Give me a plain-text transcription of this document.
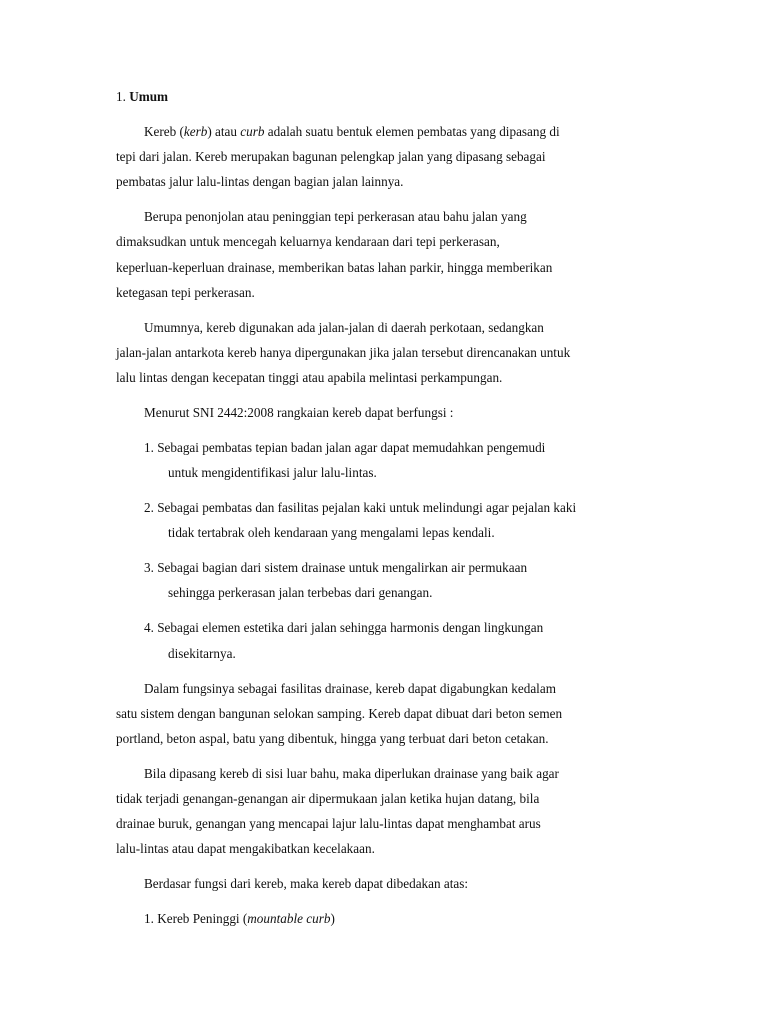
1. Umum
Kereb (kerb) atau curb adalah suatu bentuk elemen pembatas yang dipasang di
tepi dari jalan. Kereb merupakan bagunan pelengkap jalan yang dipasang sebagai
pembatas jalur lalu-lintas dengan bagian jalan lainnya.
Berupa penonjolan atau peninggian tepi perkerasan atau bahu jalan yang
dimaksudkan untuk mencegah keluarnya kendaraan dari tepi perkerasan,
keperluan-keperluan drainase, memberikan batas lahan parkir, hingga memberikan
ketegasan tepi perkerasan.
Umumnya, kereb digunakan ada jalan-jalan di daerah perkotaan, sedangkan
jalan-jalan antarkota kereb hanya dipergunakan jika jalan tersebut direncanakan untuk
lalu lintas dengan kecepatan tinggi atau apabila melintasi perkampungan.
Menurut SNI 2442:2008 rangkaian kereb dapat berfungsi :
1. Sebagai pembatas tepian badan jalan agar dapat memudahkan pengemudi
untuk mengidentifikasi jalur lalu-lintas.
2. Sebagai pembatas dan fasilitas pejalan kaki untuk melindungi agar pejalan kaki
tidak tertabrak oleh kendaraan yang mengalami lepas kendali.
3. Sebagai bagian dari sistem drainase untuk mengalirkan air permukaan
sehingga perkerasan jalan terbebas dari genangan.
4. Sebagai elemen estetika dari jalan sehingga harmonis dengan lingkungan
disekitarnya.
Dalam fungsinya sebagai fasilitas drainase, kereb dapat digabungkan kedalam
satu sistem dengan bangunan selokan samping. Kereb dapat dibuat dari beton semen
portland, beton aspal, batu yang dibentuk, hingga yang terbuat dari beton cetakan.
Bila dipasang kereb di sisi luar bahu, maka diperlukan drainase yang baik agar
tidak terjadi genangan-genangan air dipermukaan jalan ketika hujan datang, bila
drainae buruk, genangan yang mencapai lajur lalu-lintas dapat menghambat arus
lalu-lintas atau dapat mengakibatkan kecelakaan.
Berdasar fungsi dari kereb, maka kereb dapat dibedakan atas:
1. Kereb Peninggi (mountable curb)
